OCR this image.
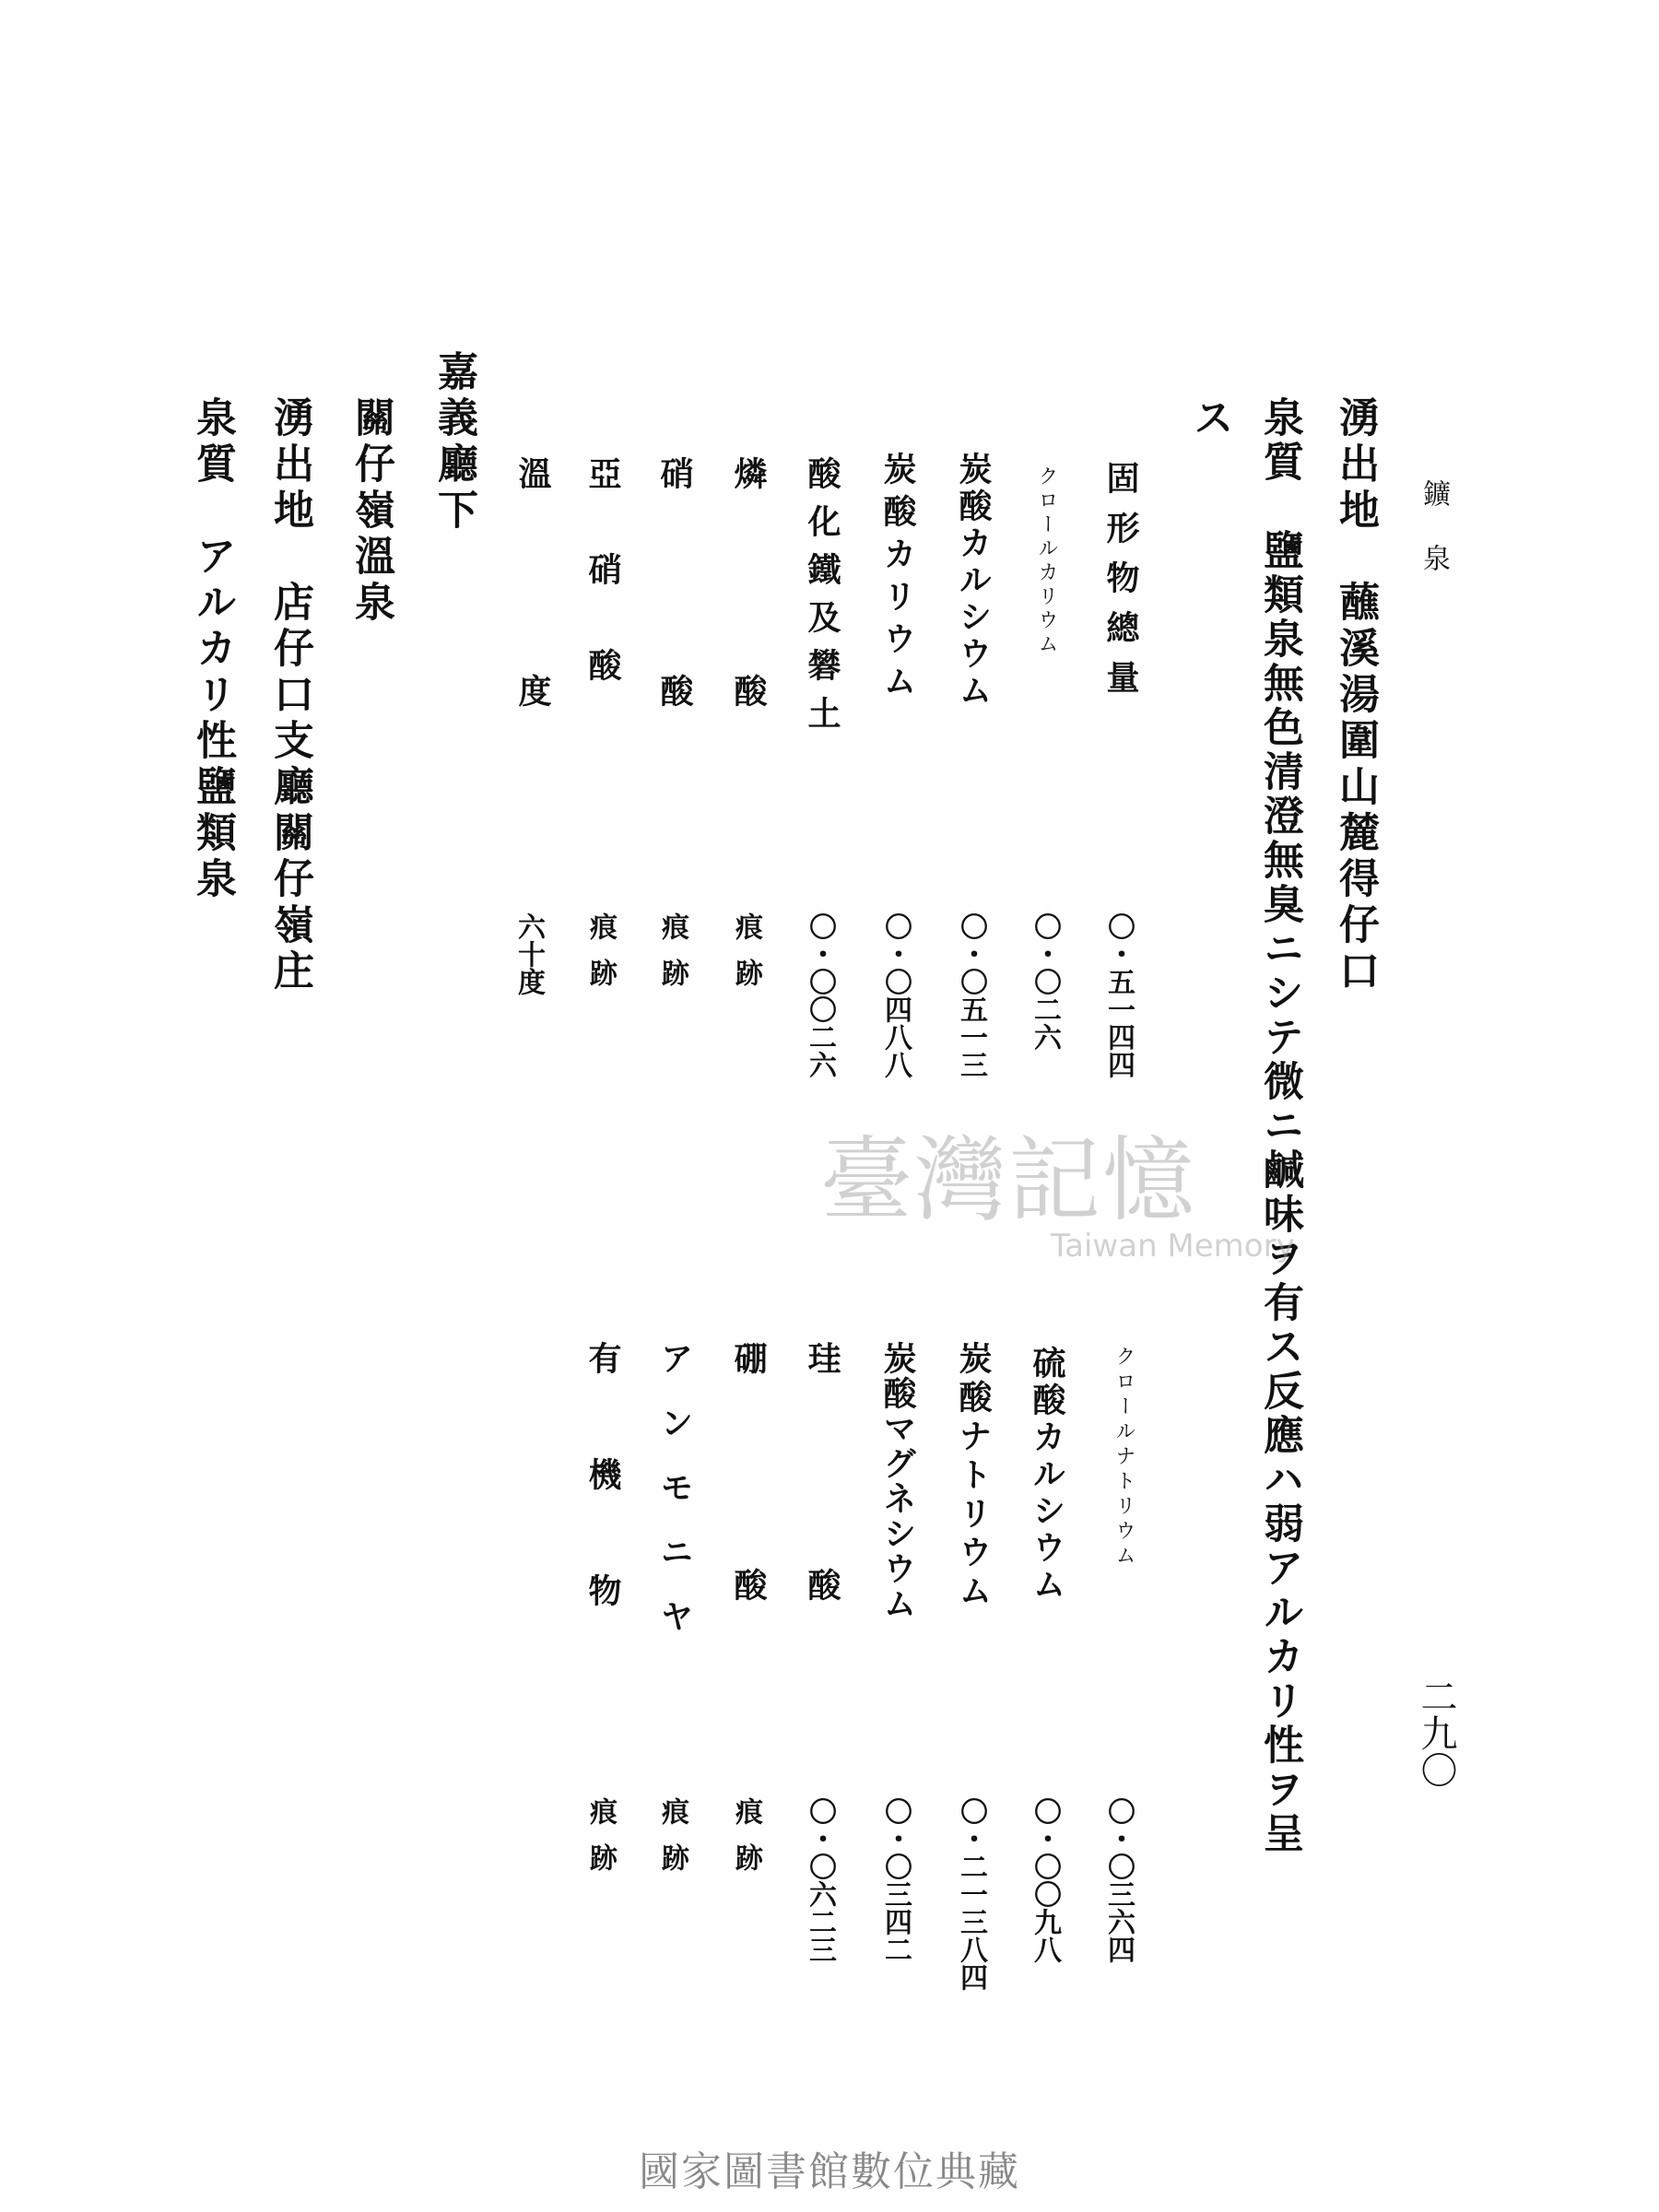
鑛泉
二九〇
湧出地　蘸溪湯圍山麓得仔口
泉質　鹽類泉無色清澄無臭ニシテ微ニ鹹味ヲ有ス反應ハ弱アルカリ性ヲ呈
ス
固形物總量
〇・五一四四
クロールカリウム
〇・〇二六
炭酸カルシウム
〇・〇五一三
炭酸カリウム
〇・〇四八八
酸化鐵及礬土
〇・〇〇二六
燐酸
痕跡
硝酸
痕跡
亞硝酸
痕跡
溫度
六十度
クロールナトリウム
〇・〇三六四
硫酸カルシウム
〇・〇〇九八
炭酸ナトリウム
〇・二一三八四
炭酸マグネシウム
〇・〇三四二
珪酸
〇・〇六二三
硼酸
痕跡
アンモニヤ
痕跡
有機物
痕跡
嘉義廳下
關仔嶺溫泉
湧出地　店仔口支廳關仔嶺庄
泉質　アルカリ性鹽類泉
臺灣記憶
Taiwan Memory
國家圖書館數位典藏
